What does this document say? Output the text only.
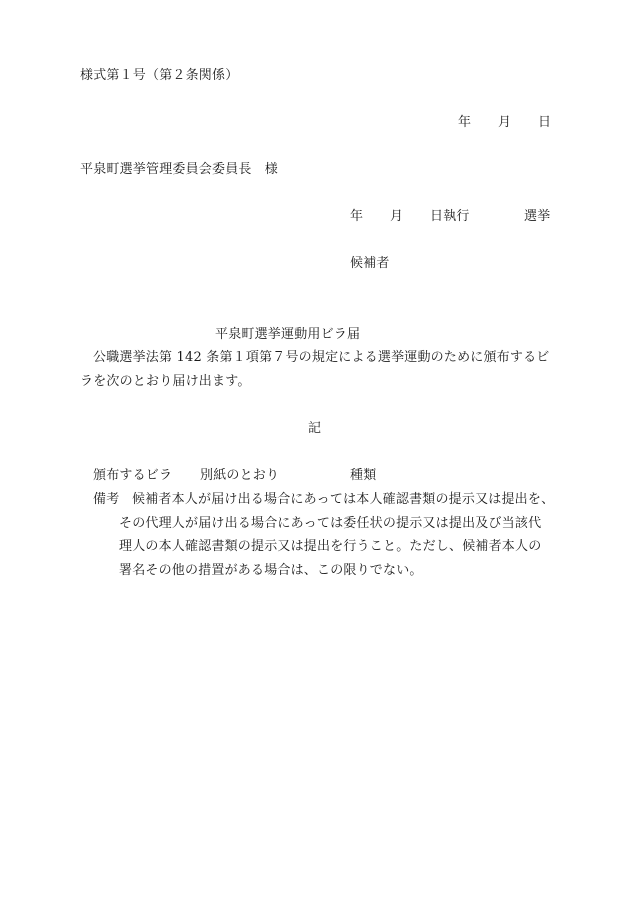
様式第１号（第２条関係）
年 月 日
平泉町選挙管理委員会委員長　様
年 月 日執行	選挙
候補者
平泉町選挙運動用ビラ届
公職選挙法第 142 条第１項第７号の規定による選挙運動のために頒布するビ
ラを次のとおり届け出ます。
記
頒布するビラ 別紙のとおり	種類
備考 候補者本人が届け出る場合にあっては本人確認書類の提示又は提出を、
その代理人が届け出る場合にあっては委任状の提示又は提出及び当該代
理人の本人確認書類の提示又は提出を行うこと。ただし、候補者本人の
署名その他の措置がある場合は、この限りでない。
